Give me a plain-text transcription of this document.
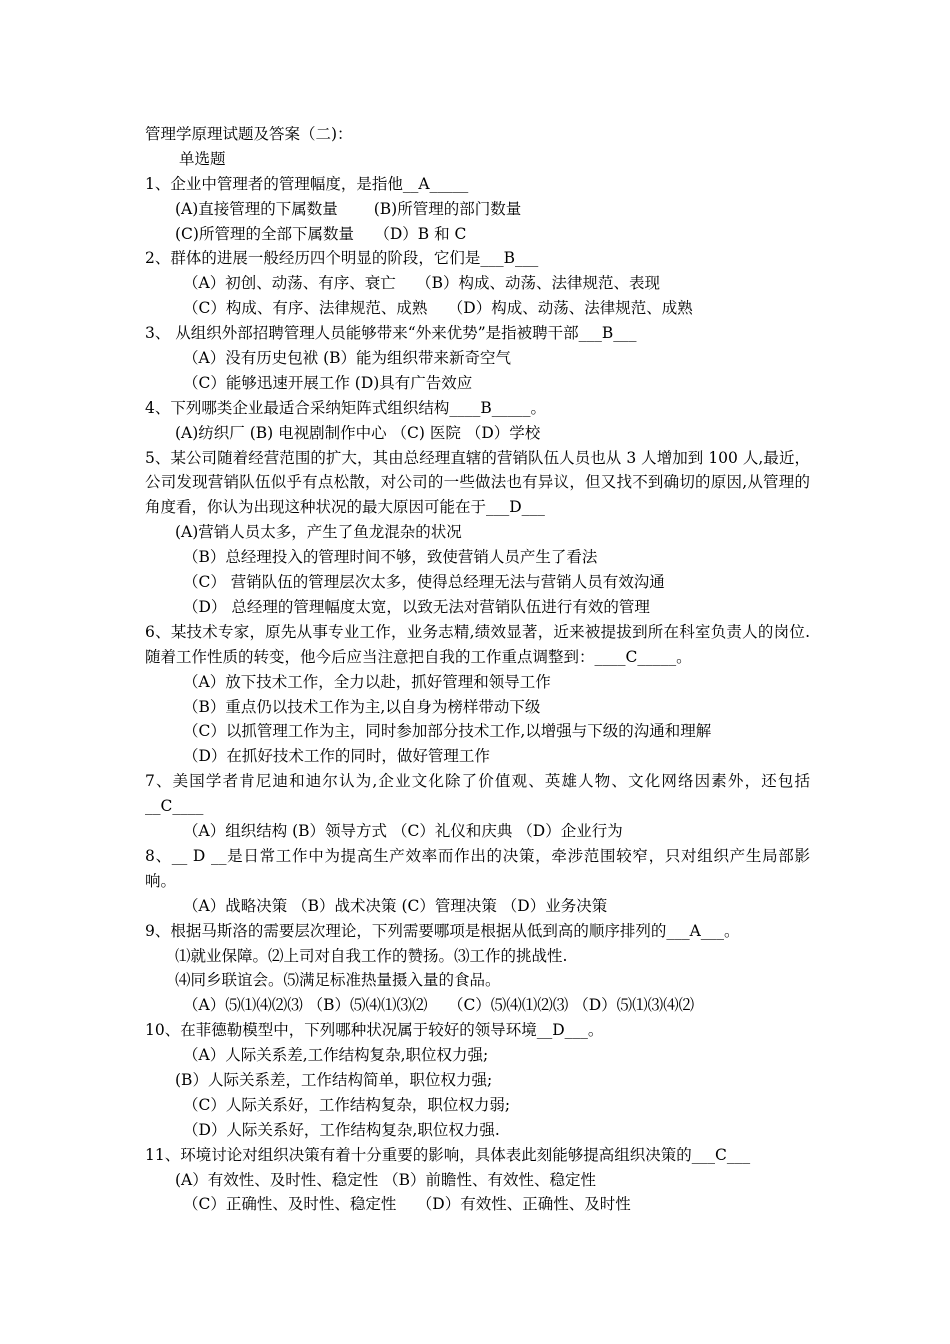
管理学原理试题及答案（二)：
单选题
1、企业中管理者的管理幅度，是指他__A_____
(A)直接管理的下属数量　　 (B)所管理的部门数量
(C)所管理的全部下属数量　 （D）B 和 C
2、群体的进展一般经历四个明显的阶段，它们是___B___
（A）初创、动荡、有序、衰亡　 （B）构成、动荡、法律规范、表现
（C）构成、有序、法律规范、成熟　 （D）构成、动荡、法律规范、成熟
3、 从组织外部招聘管理人员能够带来“外来优势”是指被聘干部___B___
（A）没有历史包袱 (B）能为组织带来新奇空气
（C）能够迅速开展工作 (D)具有广告效应
4、下列哪类企业最适合采纳矩阵式组织结构____B_____。
(A)纺织厂 (B) 电视剧制作中心 （C) 医院 （D）学校
5、某公司随着经营范围的扩大，其由总经理直辖的营销队伍人员也从 3 人增加到 100 人,最近，公司发现营销队伍似乎有点松散，对公司的一些做法也有异议，但又找不到确切的原因,从管理的角度看，你认为出现这种状况的最大原因可能在于___D___
(A)营销人员太多，产生了鱼龙混杂的状况
（B）总经理投入的管理时间不够，致使营销人员产生了看法
（C） 营销队伍的管理层次太多，使得总经理无法与营销人员有效沟通
（D） 总经理的管理幅度太宽，以致无法对营销队伍进行有效的管理
6、某技术专家，原先从事专业工作，业务志精,绩效显著，近来被提拔到所在科室负责人的岗位.随着工作性质的转变，他今后应当注意把自我的工作重点调整到：____C_____。
（A）放下技术工作，全力以赴，抓好管理和领导工作
（B）重点仍以技术工作为主,以自身为榜样带动下级
（C）以抓管理工作为主，同时参加部分技术工作,以增强与下级的沟通和理解
（D）在抓好技术工作的同时，做好管理工作
7、美国学者肯尼迪和迪尔认为,企业文化除了价值观、英雄人物、文化网络因素外，还包括__C____
（A）组织结构 (B）领导方式 （C）礼仪和庆典 （D）企业行为
8、__ D __是日常工作中为提高生产效率而作出的决策，牵涉范围较窄，只对组织产生局部影响。
（A）战略决策 （B）战术决策 (C）管理决策 （D）业务决策
9、根据马斯洛的需要层次理论，下列需要哪项是根据从低到高的顺序排列的___A___。
⑴就业保障。⑵上司对自我工作的赞扬。⑶工作的挑战性.
⑷同乡联谊会。⑸满足标准热量摄入量的食品。
（A）⑸⑴⑷⑵⑶ （B）⑸⑷⑴⑶⑵　 （C）⑸⑷⑴⑵⑶ （D）⑸⑴⑶⑷⑵
10、在菲德勒模型中，下列哪种状况属于较好的领导环境__D___。
（A）人际关系差,工作结构复杂,职位权力强;
(B）人际关系差，工作结构简单，职位权力强;
（C）人际关系好，工作结构复杂，职位权力弱;
（D）人际关系好，工作结构复杂,职位权力强.
11、环境讨论对组织决策有着十分重要的影响，具体表此刻能够提高组织决策的___C___
(A）有效性、及时性、稳定性 （B）前瞻性、有效性、稳定性
（C）正确性、及时性、稳定性　 （D）有效性、正确性、及时性
